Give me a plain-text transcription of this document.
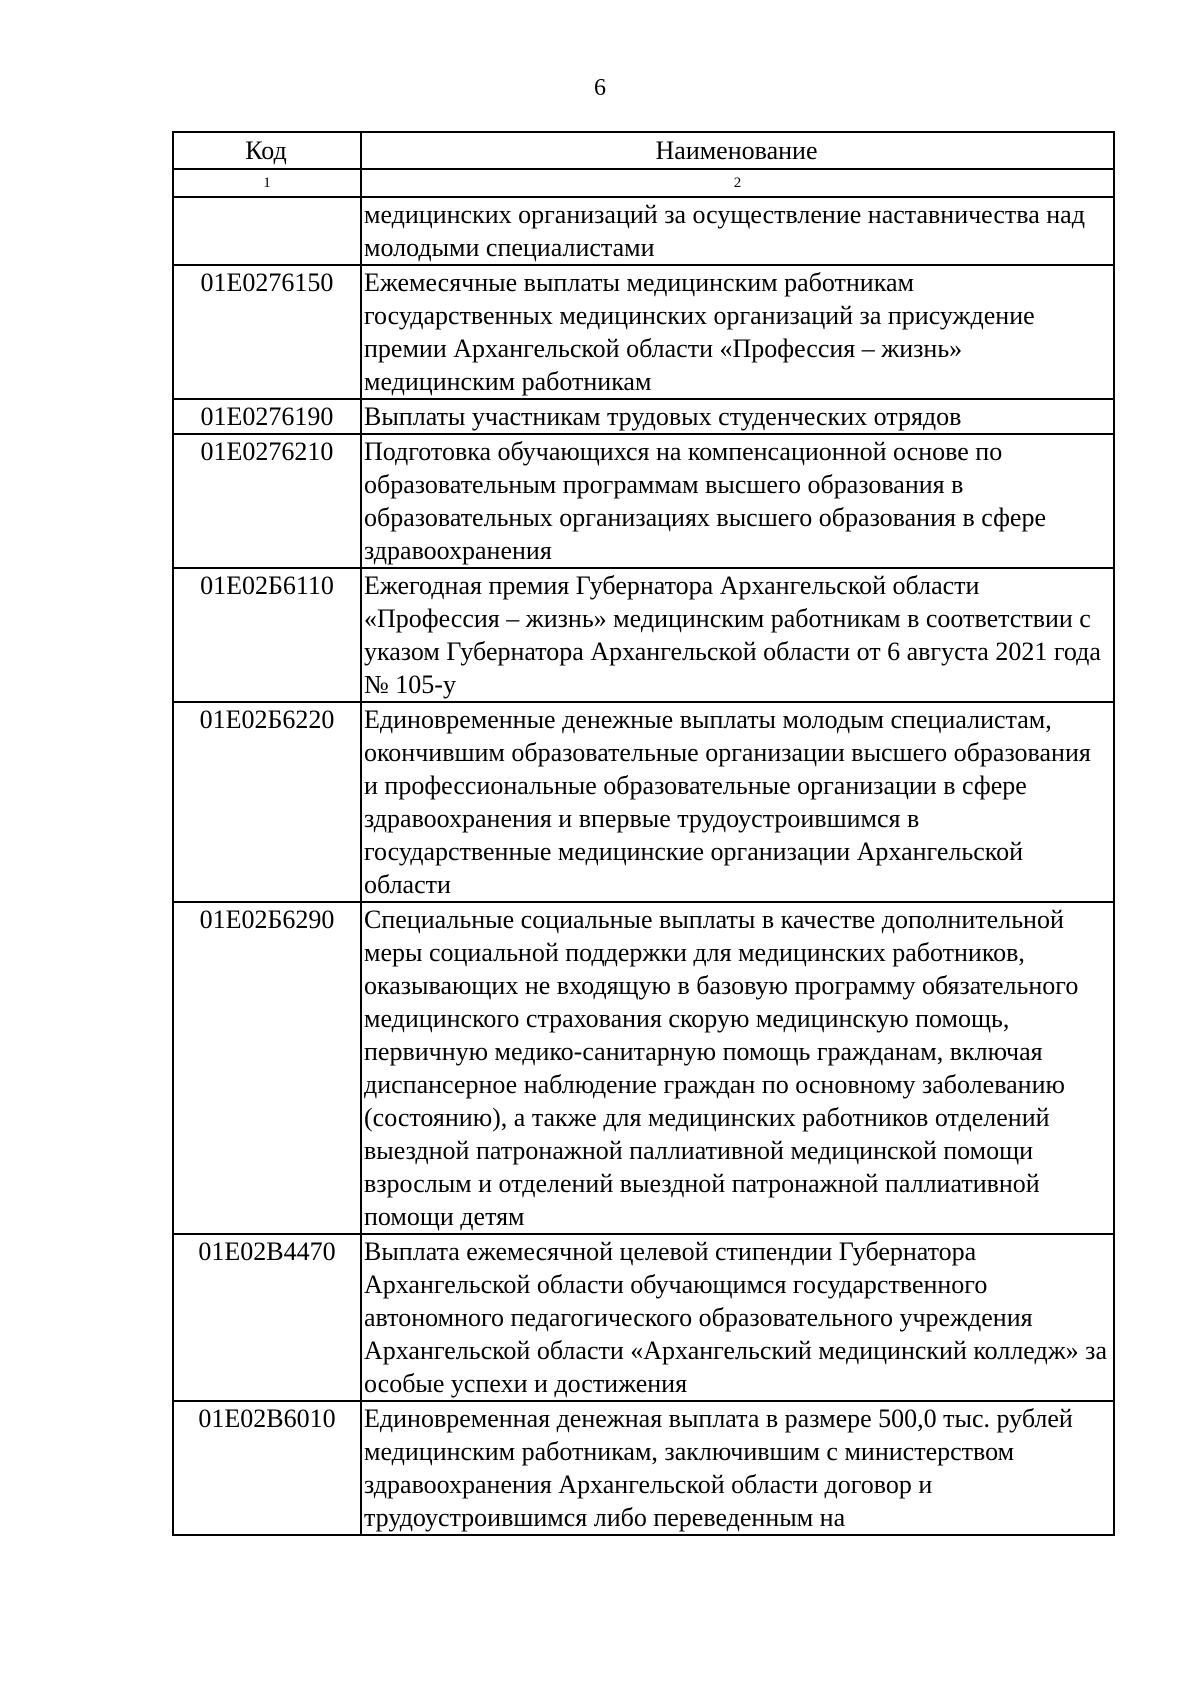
6
Код	Наименование
1	2
	медицинских организаций за осуществление наставничества над молодыми специалистами
01Е0276150	Ежемесячные выплаты медицинским работникам государственных медицинских организаций за присуждение премии Архангельской области «Профессия – жизнь» медицинским работникам
01Е0276190	Выплаты участникам трудовых студенческих отрядов
01Е0276210	Подготовка обучающихся на компенсационной основе по образовательным программам высшего образования в образовательных организациях высшего образования в сфере здравоохранения
01Е02Б6110	Ежегодная премия Губернатора Архангельской области «Профессия – жизнь» медицинским работникам в соответствии с указом Губернатора Архангельской области от 6 августа 2021 года № 105-у
01Е02Б6220	Единовременные денежные выплаты молодым специалистам, окончившим образовательные организации высшего образования и профессиональные образовательные организации в сфере здравоохранения и впервые трудоустроившимся в государственные медицинские организации Архангельской области
01Е02Б6290	Специальные социальные выплаты в качестве дополнительной меры социальной поддержки для медицинских работников, оказывающих не входящую в базовую программу обязательного медицинского страхования скорую медицинскую помощь, первичную медико-санитарную помощь гражданам, включая диспансерное наблюдение граждан по основному заболеванию (состоянию), а также для медицинских работников отделений выездной патронажной паллиативной медицинской помощи взрослым и отделений выездной патронажной паллиативной помощи детям
01Е02В4470	Выплата ежемесячной целевой стипендии Губернатора Архангельской области обучающимся государственного автономного педагогического образовательного учреждения Архангельской области «Архангельский медицинский колледж» за особые успехи и достижения
01Е02В6010	Единовременная денежная выплата в размере 500,0 тыс. рублей медицинским работникам, заключившим с министерством здравоохранения Архангельской области договор и трудоустроившимся либо переведенным на
